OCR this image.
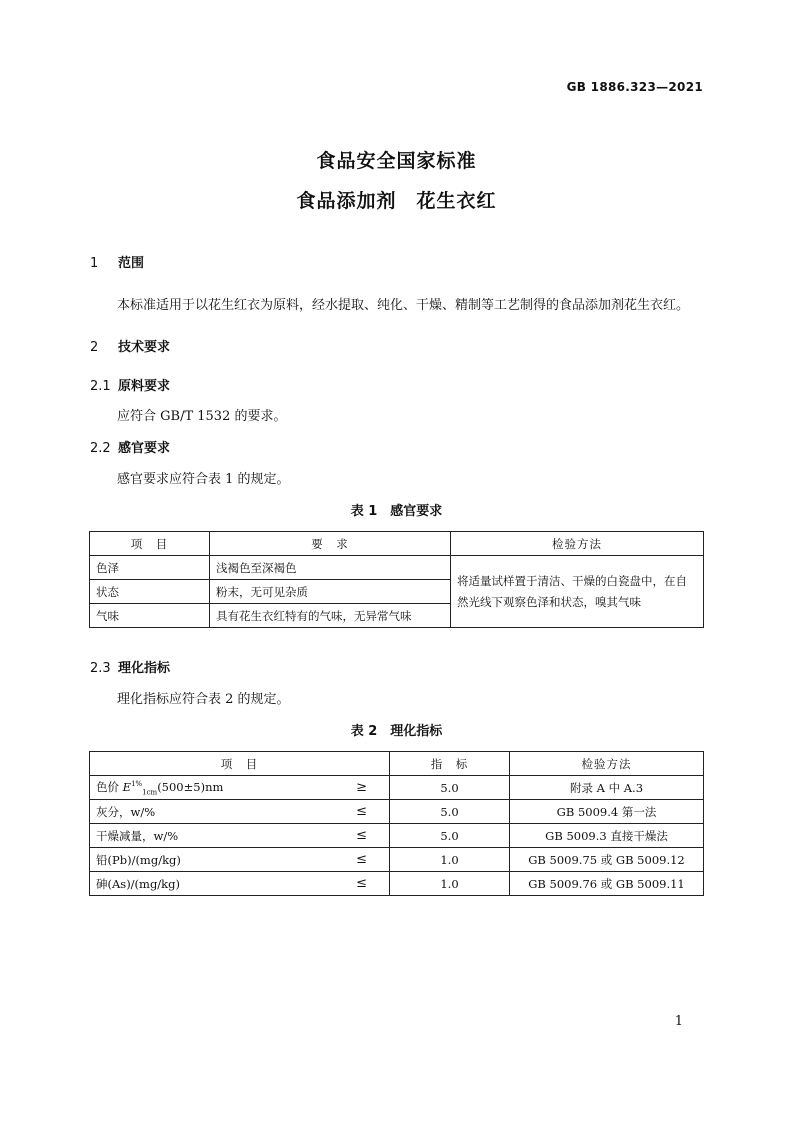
GB 1886.323—2021
食品安全国家标准
食品添加剂　花生衣红
1 范围
本标准适用于以花生红衣为原料，经水提取、纯化、干燥、精制等工艺制得的食品添加剂花生衣红。
2 技术要求
2.1 原料要求
应符合 GB/T 1532 的要求。
2.2 感官要求
感官要求应符合表 1 的规定。
表 1　感官要求
项　目	要　求	检验方法
色泽	浅褐色至深褐色	将适量试样置于清洁、干燥的白瓷盘中，在自然光线下观察色泽和状态，嗅其气味
状态	粉末，无可见杂质	
气味	具有花生衣红特有的气味，无异常气味	
2.3 理化指标
理化指标应符合表 2 的规定。
表 2　理化指标
项　目	指　标	检验方法
色价 $E^{1\%}_{1cm}(500\pm 5)nm$ ≥	5.0	附录 A 中 A.3
灰分，w/% ≤	5.0	GB 5009.4 第一法
干燥减量，w/% ≤	5.0	GB 5009.3 直接干燥法
铅(Pb)/(mg/kg) ≤	1.0	GB 5009.75 或 GB 5009.12
砷(As)/(mg/kg) ≤	1.0	GB 5009.76 或 GB 5009.11
1
